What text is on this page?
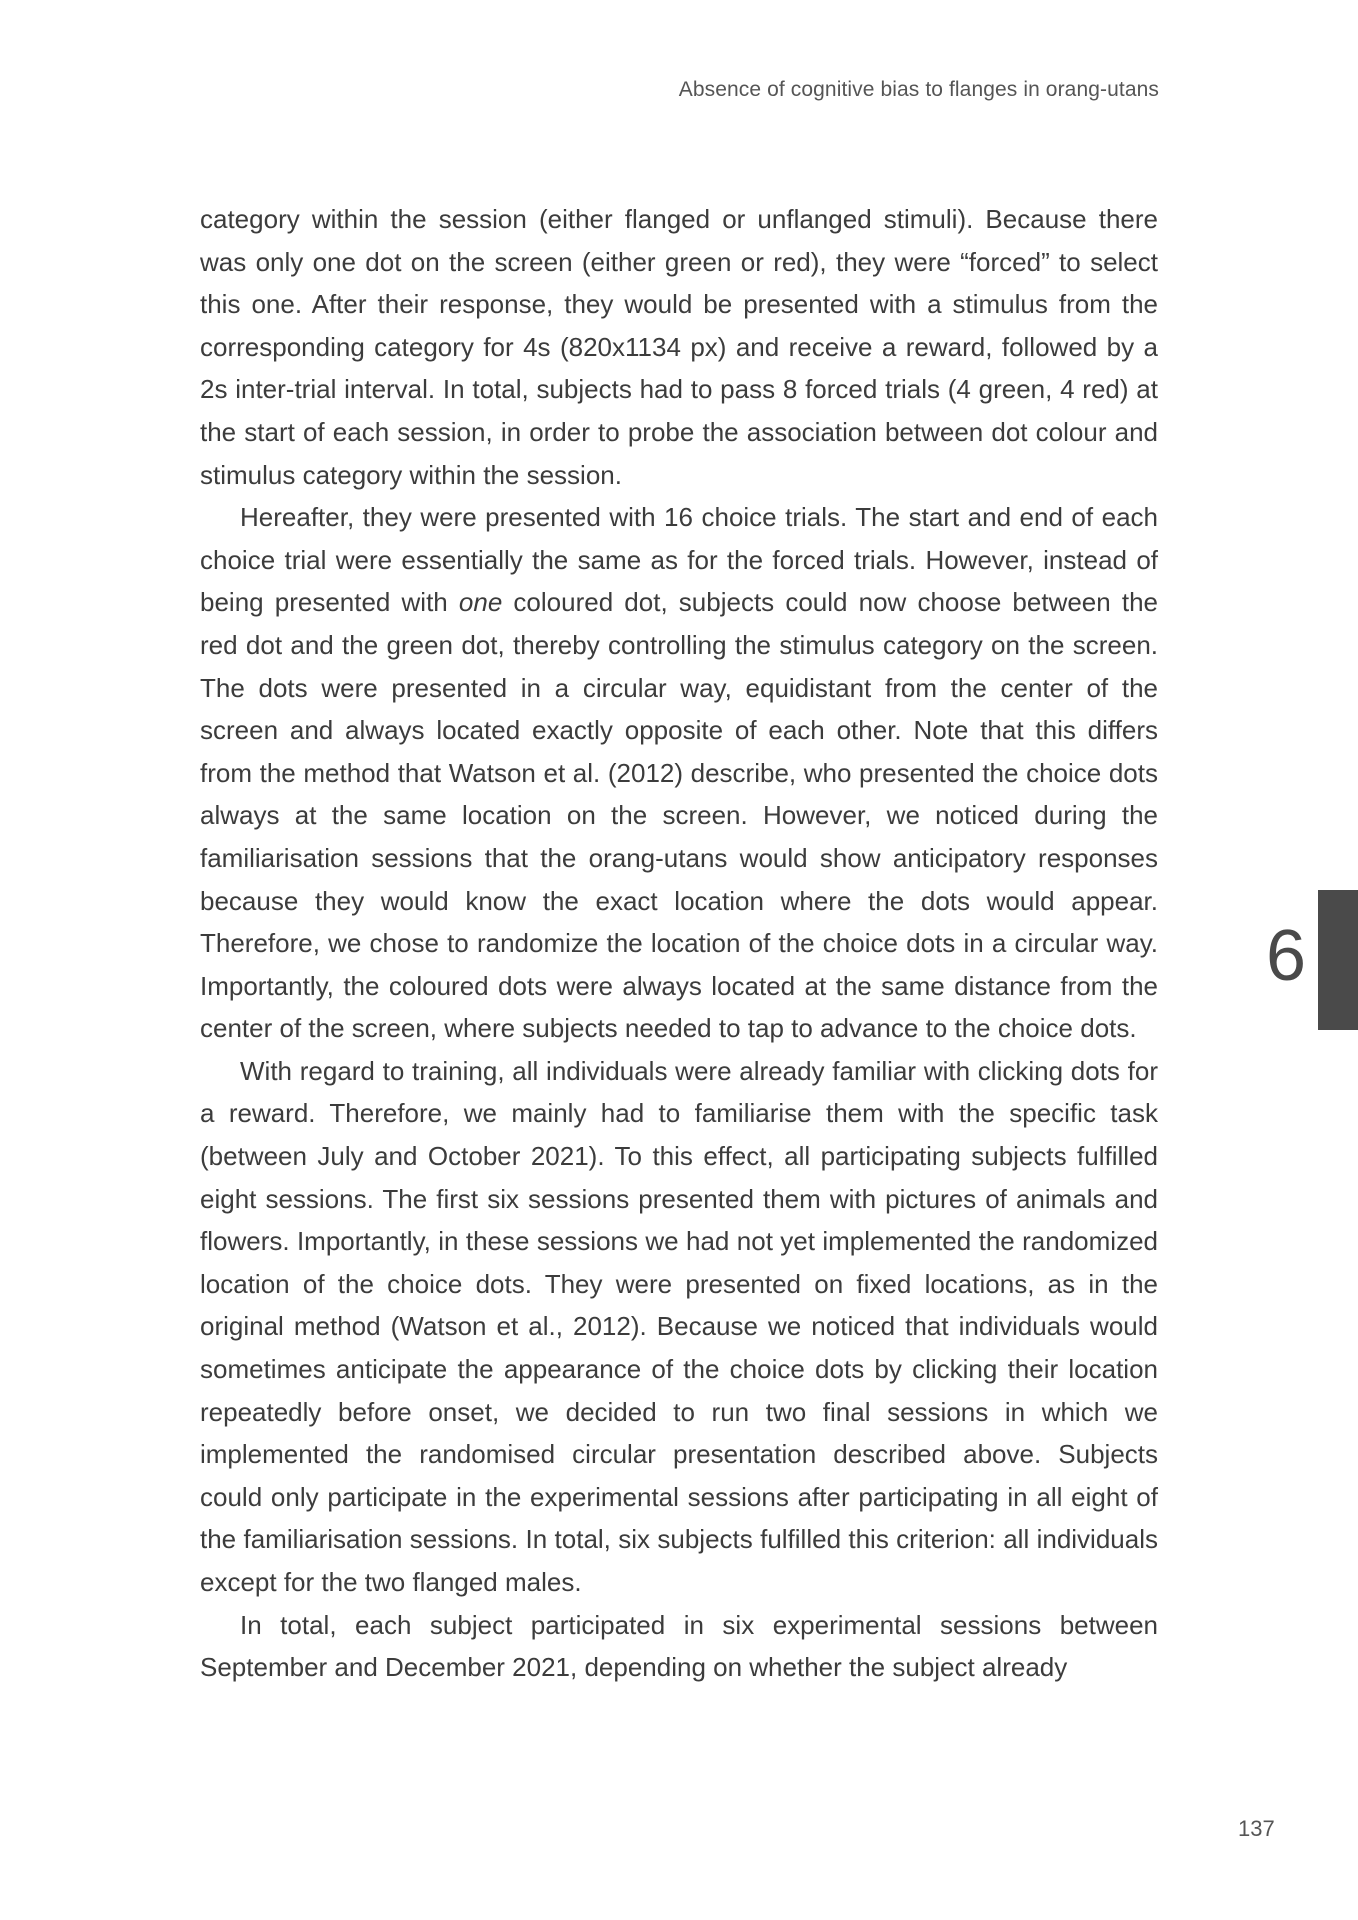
Absence of cognitive bias to flanges in orang-utans

category within the session (either flanged or unflanged stimuli). Because there was only one dot on the screen (either green or red), they were “forced” to select this one. After their response, they would be presented with a stimulus from the corresponding category for 4s (820x1134 px) and receive a reward, followed by a 2s inter-trial interval. In total, subjects had to pass 8 forced trials (4 green, 4 red) at the start of each session, in order to probe the association between dot colour and stimulus category within the session.

Hereafter, they were presented with 16 choice trials. The start and end of each choice trial were essentially the same as for the forced trials. However, instead of being presented with one coloured dot, subjects could now choose between the red dot and the green dot, thereby controlling the stimulus category on the screen. The dots were presented in a circular way, equidistant from the center of the screen and always located exactly opposite of each other. Note that this differs from the method that Watson et al. (2012) describe, who presented the choice dots always at the same location on the screen. However, we noticed during the familiarisation sessions that the orang-utans would show anticipatory responses because they would know the exact location where the dots would appear. Therefore, we chose to randomize the location of the choice dots in a circular way. Importantly, the coloured dots were always located at the same distance from the center of the screen, where subjects needed to tap to advance to the choice dots.

With regard to training, all individuals were already familiar with clicking dots for a reward. Therefore, we mainly had to familiarise them with the specific task (between July and October 2021). To this effect, all participating subjects fulfilled eight sessions. The first six sessions presented them with pictures of animals and flowers. Importantly, in these sessions we had not yet implemented the randomized location of the choice dots. They were presented on fixed locations, as in the original method (Watson et al., 2012). Because we noticed that individuals would sometimes anticipate the appearance of the choice dots by clicking their location repeatedly before onset, we decided to run two final sessions in which we implemented the randomised circular presentation described above. Subjects could only participate in the experimental sessions after participating in all eight of the familiarisation sessions. In total, six subjects fulfilled this criterion: all individuals except for the two flanged males.

In total, each subject participated in six experimental sessions between September and December 2021, depending on whether the subject already

6
137
